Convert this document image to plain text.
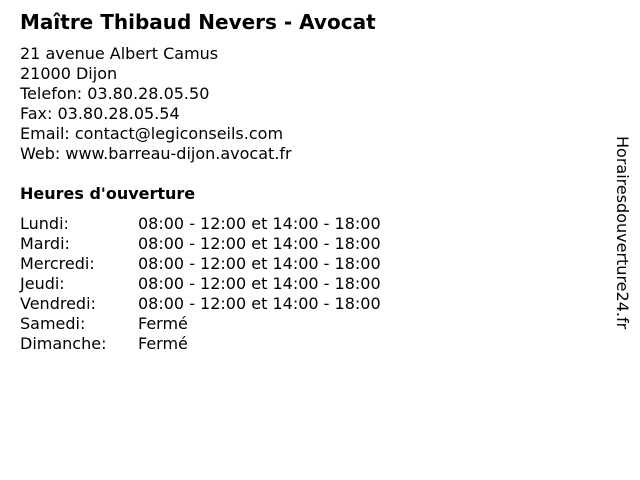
Maître Thibaud Nevers - Avocat
21 avenue Albert Camus
21000 Dijon
Telefon: 03.80.28.05.50
Fax: 03.80.28.05.54
Email: contact@legiconseils.com
Web: www.barreau-dijon.avocat.fr
Heures d'ouverture
Lundi:	08:00 - 12:00 et 14:00 - 18:00
Mardi:	08:00 - 12:00 et 14:00 - 18:00
Mercredi:	08:00 - 12:00 et 14:00 - 18:00
Jeudi:	08:00 - 12:00 et 14:00 - 18:00
Vendredi:	08:00 - 12:00 et 14:00 - 18:00
Samedi:	Fermé
Dimanche: Fermé
Horairesdouverture24.fr
